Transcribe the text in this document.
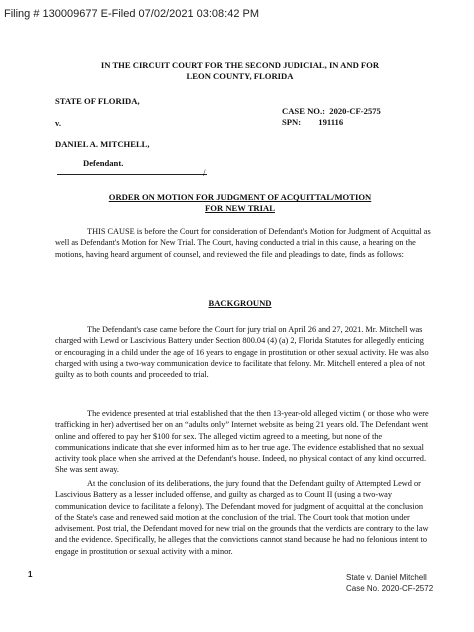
Filing # 130009677 E-Filed 07/02/2021 03:08:42 PM
IN THE CIRCUIT COURT FOR THE SECOND JUDICIAL, IN AND FOR
LEON COUNTY, FLORIDA
STATE OF FLORIDA,
v.
DANIEL A. MITCHELL,
Defendant.
CASE NO.: 2020-CF-2575
SPN: 191116
/
ORDER ON MOTION FOR JUDGMENT OF ACQUITTAL/MOTION
FOR NEW TRIAL

THIS CAUSE is before the Court for consideration of Defendant's Motion for Judgment of Acquittal as well as Defendant's Motion for New Trial. The Court, having conducted a trial in this cause, a hearing on the motions, having heard argument of counsel, and reviewed the file and pleadings to date, finds as follows:

BACKGROUND

The Defendant's case came before the Court for jury trial on April 26 and 27, 2021. Mr. Mitchell was charged with Lewd or Lascivious Battery under Section 800.04 (4) (a) 2, Florida Statutes for allegedly enticing or encouraging in a child under the age of 16 years to engage in prostitution or other sexual activity. He was also charged with using a two-way communication device to facilitate that felony. Mr. Mitchell entered a plea of not guilty as to both counts and proceeded to trial.

The evidence presented at trial established that the then 13-year-old alleged victim ( or those who were trafficking in her) advertised her on an “adults only” Internet website as being 21 years old. The Defendant went online and offered to pay her $100 for sex. The alleged victim agreed to a meeting, but none of the communications indicate that she ever informed him as to her true age. The evidence established that no sexual activity took place when she arrived at the Defendant's house. Indeed, no physical contact of any kind occurred. She was sent away.

At the conclusion of its deliberations, the jury found that the Defendant guilty of Attempted Lewd or Lascivious Battery as a lesser included offense, and guilty as charged as to Count II (using a two-way communication device to facilitate a felony). The Defendant moved for judgment of acquittal at the conclusion of the State's case and renewed said motion at the conclusion of the trial. The Court took that motion under advisement. Post trial, the Defendant moved for new trial on the grounds that the verdicts are contrary to the law and the evidence. Specifically, he alleges that the convictions cannot stand because he had no felonious intent to engage in prostitution or sexual activity with a minor.

1	State v. Daniel Mitchell
Case No. 2020-CF-2572
